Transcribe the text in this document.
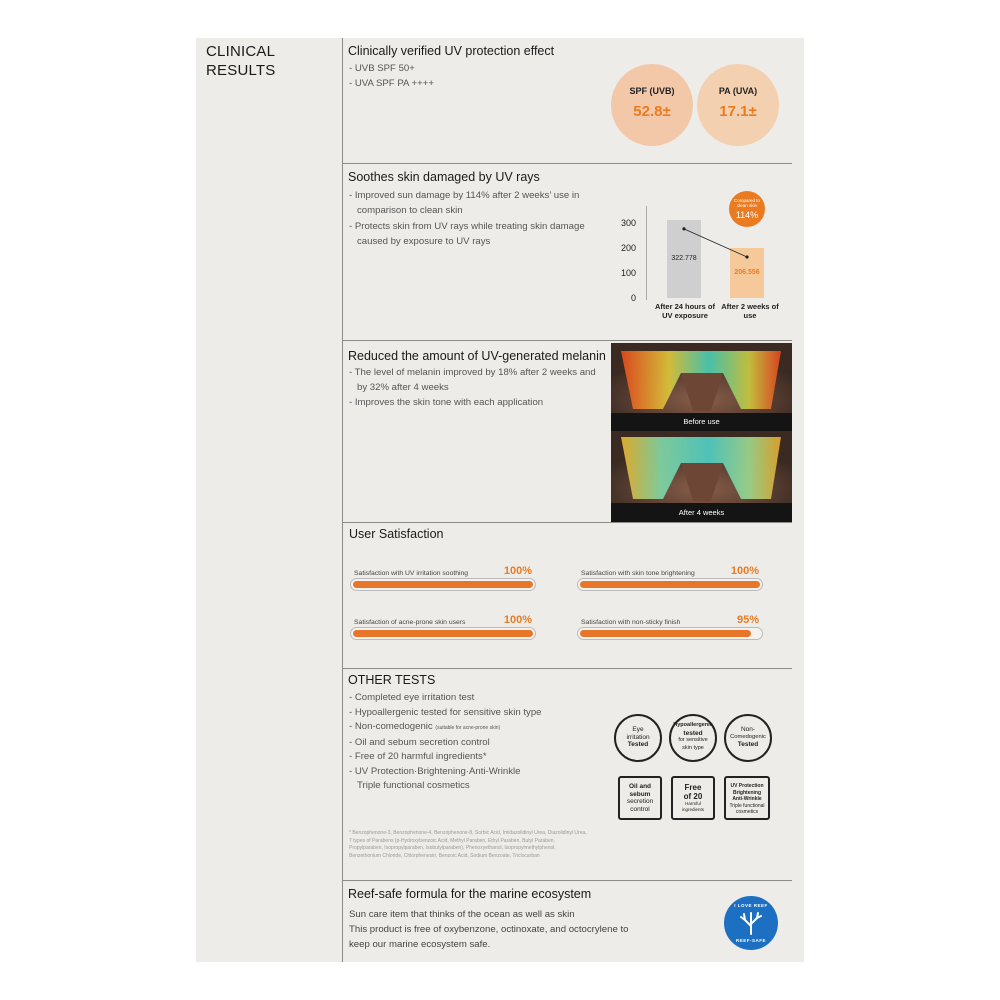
CLINICAL
RESULTS
Clinically verified UV protection effect
- UVB SPF 50+
- UVA SPF PA ++++
SPF (UVB)
52.8±
PA (UVA)
17.1±
Soothes skin damaged by UV rays
- Improved sun damage by 114% after 2 weeks’ use in comparison to clean skin
- Protects skin from UV rays while treating skin damage caused by exposure to UV rays
300
200
100
0
322.778
206.556
Compared to
clean skin
114%
After 24 hours of UV exposure
After 2 weeks of use
Reduced the amount of UV-generated melanin
- The level of melanin improved by 18% after 2 weeks and by 32% after 4 weeks
- Improves the skin tone with each application
Before use
After 4 weeks
User Satisfaction
Satisfaction with UV irritation soothing	100%	Satisfaction with skin tone brightening	100%
Satisfaction of acne-prone skin users	100%	Satisfaction with non-sticky finish	95%
OTHER TESTS
- Completed eye irritation test
- Hypoallergenic tested for sensitive skin type
- Non-comedogenic (suitable for acne-prone skin)
- Oil and sebum secretion control
- Free of 20 harmful ingredients*
- UV Protection·Brightening·Anti-Wrinkle
Triple functional cosmetics
* Benzophenone-3, Benzophenone-4, Benzophenone-8, Sorbic Acid, Imidazolidinyl Urea, Diazolidinyl Urea, 7 types of Parabens (p-Hydroxybenzoic Acid, Methyl Paraben, Ethyl Paraben, Butyl Paraben, Propylparaben, Isopropylparaben, Isobutylparaben), Phenoxyethanol, Isopropylmethylphenol, Benzethonium Chloride, Chlorphenesin, Benzoic Acid, Sodium Benzoate, Triclocarban
Eye
irritation
Tested
Hypoallergenic
tested
for sensitive
skin type
Non-
Comedogenic
Tested
Oil and
sebum
secretion
control
Free
of 20
Harmful
ingredients
UV Protection
Brightening
Anti-Wrinkle
Triple functional
cosmetics
Reef-safe formula for the marine ecosystem
Sun care item that thinks of the ocean as well as skin
This product is free of oxybenzone, octinoxate, and octocrylene to
keep our marine ecosystem safe.
I LOVE REEF
REEF-SAFE
